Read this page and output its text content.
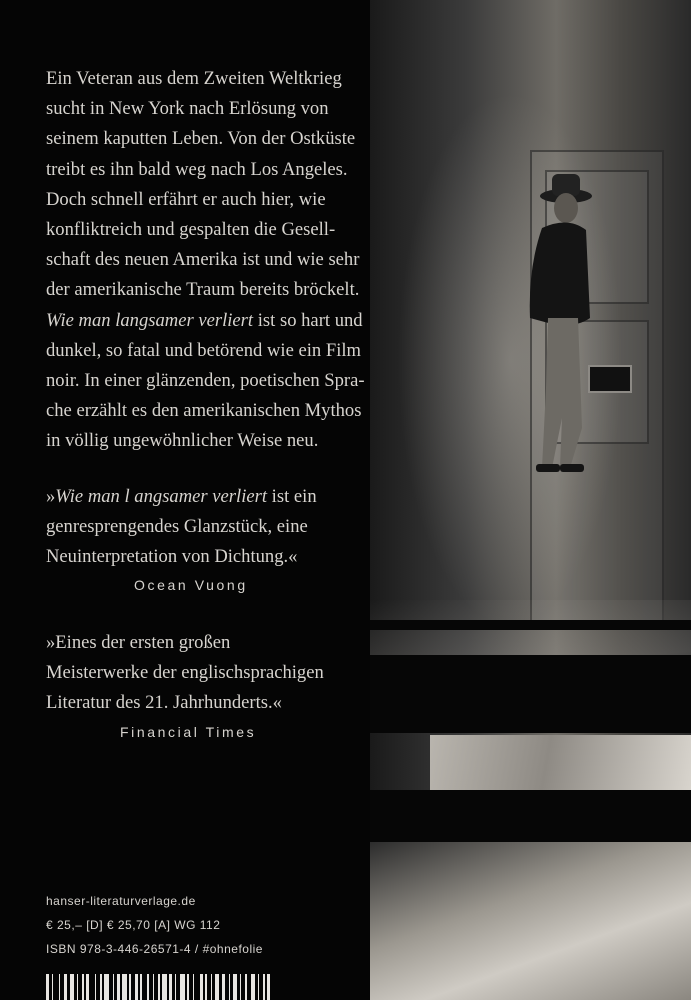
Ein Veteran aus dem Zweiten Weltkrieg
sucht in New York nach Erlösung von
seinem kaputten Leben. Von der Ostküste
treibt es ihn bald weg nach Los Angeles.
Doch schnell erfährt er auch hier, wie
konfliktreich und gespalten die Gesell-
schaft des neuen Amerika ist und wie sehr
der amerikanische Traum bereits bröckelt.
Wie man langsamer verliert ist so hart und
dunkel, so fatal und betörend wie ein Film
noir. In einer glänzenden, poetischen Spra-
che erzählt es den amerikanischen Mythos
in völlig ungewöhnlicher Weise neu.

»Wie man l angsamer verliert ist ein
genresprengendes Glanzstück, eine
Neuinterpretation von Dichtung.«

Ocean Vuong

»Eines der ersten großen
Meisterwerke der englischsprachigen
Literatur des 21. Jahrhunderts.«

Financial Times
hanser-literaturverlage.de
€ 25,– [D] € 25,70 [A] WG 112
ISBN 978-3-446-26571-4 / #ohnefolie
